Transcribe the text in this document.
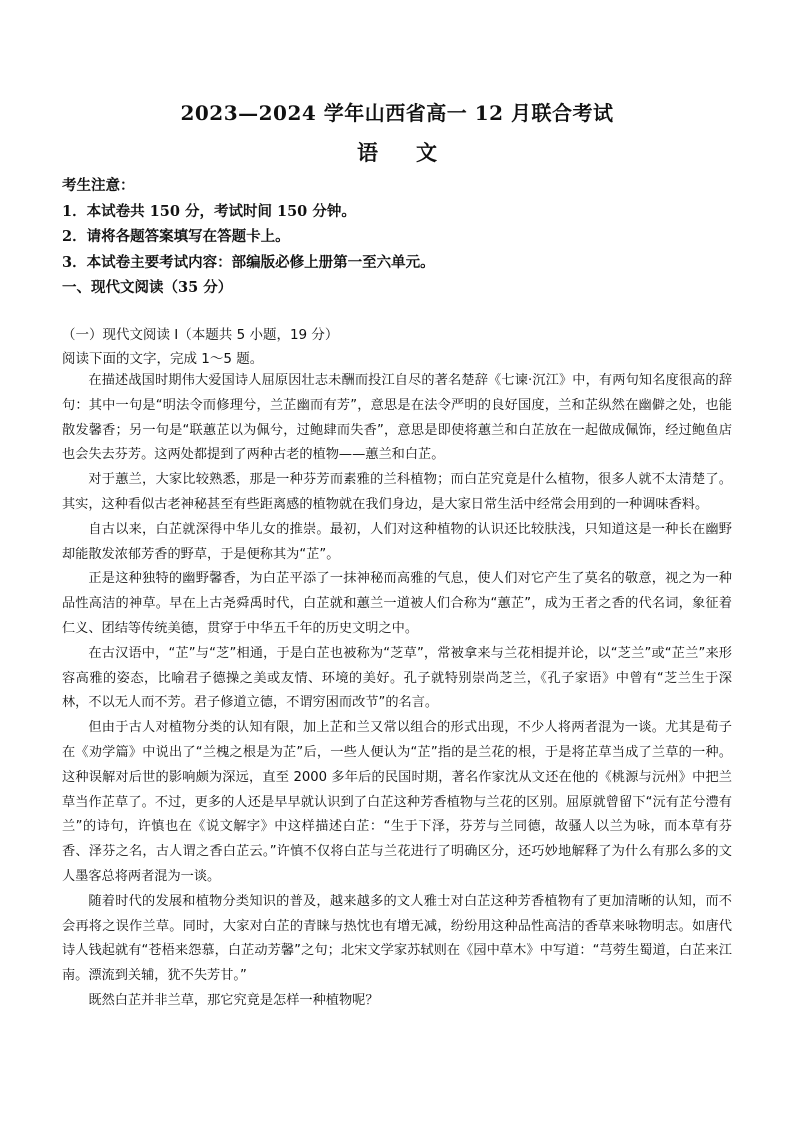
2023—2024 学年山西省高一 12 月联合考试
语文
考生注意：
1．本试卷共 150 分，考试时间 150 分钟。
2．请将各题答案填写在答题卡上。
3．本试卷主要考试内容：部编版必修上册第一至六单元。
一、现代文阅读（35 分）
（一）现代文阅读 I（本题共 5 小题，19 分）
阅读下面的文字，完成 1～5 题。

在描述战国时期伟大爱国诗人屈原因壮志未酬而投江自尽的著名楚辞《七谏·沉江》中，有两句知名度很高的辞句：其中一句是“明法令而修理兮，兰芷幽而有芳”，意思是在法令严明的良好国度，兰和芷纵然在幽僻之处，也能散发馨香；另一句是“联蕙芷以为佩兮，过鲍肆而失香”，意思是即使将蕙兰和白芷放在一起做成佩饰，经过鲍鱼店也会失去芬芳。这两处都提到了两种古老的植物——蕙兰和白芷。

对于蕙兰，大家比较熟悉，那是一种芬芳而素雅的兰科植物；而白芷究竟是什么植物，很多人就不太清楚了。其实，这种看似古老神秘甚至有些距离感的植物就在我们身边，是大家日常生活中经常会用到的一种调味香料。

自古以来，白芷就深得中华儿女的推崇。最初，人们对这种植物的认识还比较肤浅，只知道这是一种长在幽野却能散发浓郁芳香的野草，于是便称其为“芷”。

正是这种独特的幽野馨香，为白芷平添了一抹神秘而高雅的气息，使人们对它产生了莫名的敬意，视之为一种品性高洁的神草。早在上古尧舜禹时代，白芷就和蕙兰一道被人们合称为“蕙芷”，成为王者之香的代名词，象征着仁义、团结等传统美德，贯穿于中华五千年的历史文明之中。

在古汉语中，“芷”与“芝”相通，于是白芷也被称为“芝草”，常被拿来与兰花相提并论，以“芝兰”或“芷兰”来形容高雅的姿态，比喻君子德操之美或友情、环境的美好。孔子就特别崇尚芝兰，《孔子家语》中曾有“芝兰生于深林，不以无人而不芳。君子修道立德，不谓穷困而改节”的名言。

但由于古人对植物分类的认知有限，加上芷和兰又常以组合的形式出现，不少人将两者混为一谈。尤其是荀子在《劝学篇》中说出了“兰槐之根是为芷”后，一些人便认为“芷”指的是兰花的根，于是将芷草当成了兰草的一种。这种误解对后世的影响颇为深远，直至 2000 多年后的民国时期，著名作家沈从文还在他的《桃源与沅州》中把兰草当作芷草了。不过，更多的人还是早早就认识到了白芷这种芳香植物与兰花的区别。屈原就曾留下“沅有芷兮澧有兰”的诗句，许慎也在《说文解字》中这样描述白芷：“生于下泽，芬芳与兰同德，故骚人以兰为咏，而本草有芬香、泽芬之名，古人谓之香白芷云。”许慎不仅将白芷与兰花进行了明确区分，还巧妙地解释了为什么有那么多的文人墨客总将两者混为一谈。

随着时代的发展和植物分类知识的普及，越来越多的文人雅士对白芷这种芳香植物有了更加清晰的认知，而不会再将之误作兰草。同时，大家对白芷的青睐与热忱也有增无减，纷纷用这种品性高洁的香草来咏物明志。如唐代诗人钱起就有“苍梧来怨慕，白芷动芳馨”之句；北宋文学家苏轼则在《园中草木》中写道：“芎䓖生蜀道，白芷来江南。漂流到关辅，犹不失芳甘。”

既然白芷并非兰草，那它究竟是怎样一种植物呢？
